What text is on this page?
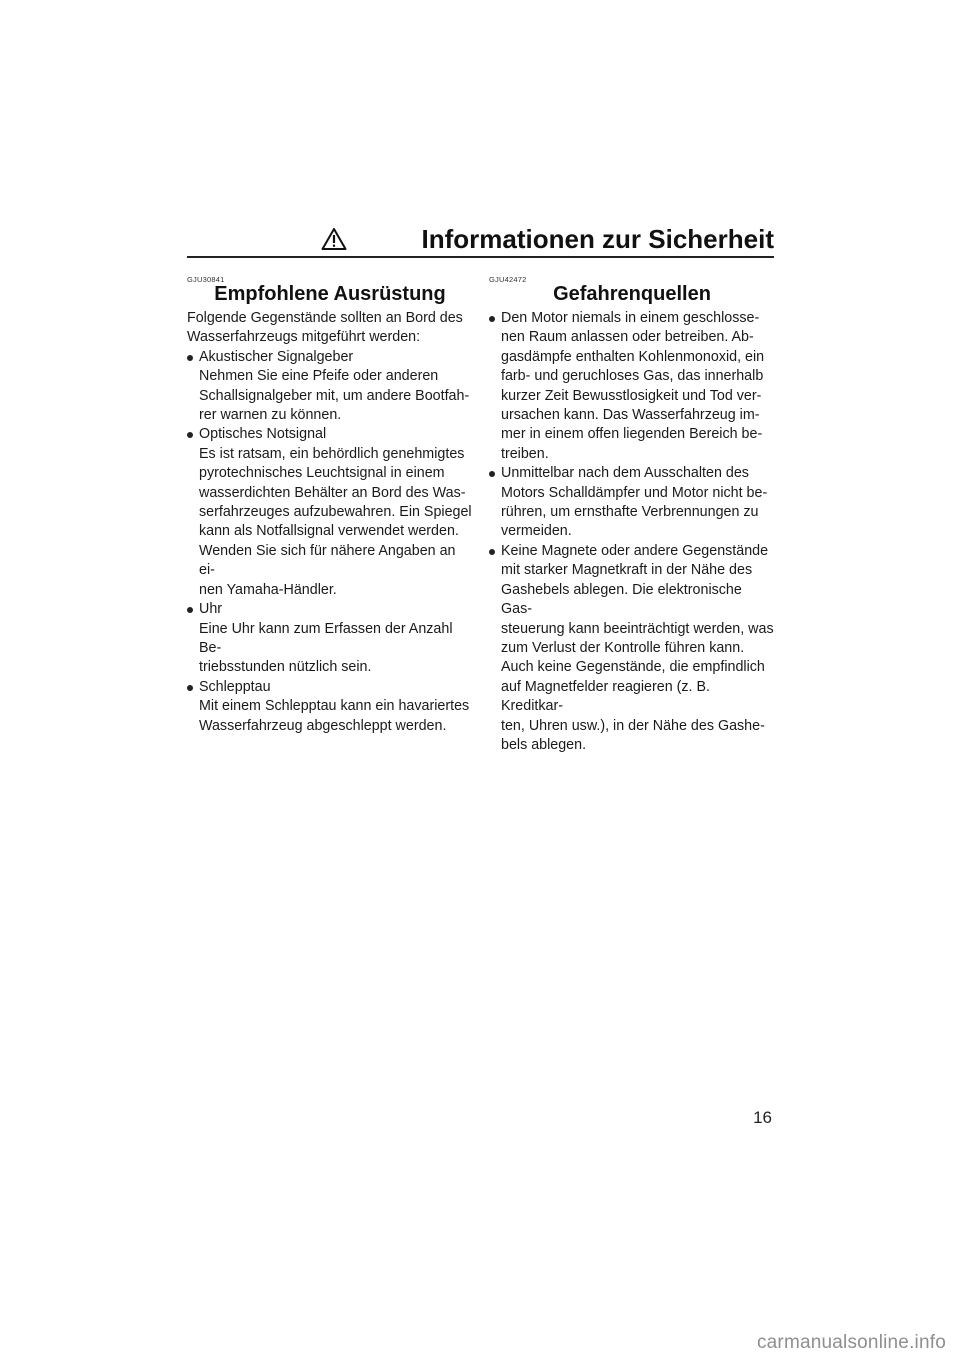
Informationen zur Sicherheit
GJU30841
Empfohlene Ausrüstung
Folgende Gegenstände sollten an Bord des
Wasserfahrzeugs mitgeführt werden:
Akustischer Signalgeber
Nehmen Sie eine Pfeife oder anderen
Schallsignalgeber mit, um andere Bootfah-
rer warnen zu können.
Optisches Notsignal
Es ist ratsam, ein behördlich genehmigtes
pyrotechnisches Leuchtsignal in einem
wasserdichten Behälter an Bord des Was-
serfahrzeuges aufzubewahren. Ein Spiegel
kann als Notfallsignal verwendet werden.
Wenden Sie sich für nähere Angaben an ei-
nen Yamaha-Händler.
Uhr
Eine Uhr kann zum Erfassen der Anzahl Be-
triebsstunden nützlich sein.
Schlepptau
Mit einem Schlepptau kann ein havariertes
Wasserfahrzeug abgeschleppt werden.
GJU42472
Gefahrenquellen
Den Motor niemals in einem geschlosse-
nen Raum anlassen oder betreiben. Ab-
gasdämpfe enthalten Kohlenmonoxid, ein
farb- und geruchloses Gas, das innerhalb
kurzer Zeit Bewusstlosigkeit und Tod ver-
ursachen kann. Das Wasserfahrzeug im-
mer in einem offen liegenden Bereich be-
treiben.
Unmittelbar nach dem Ausschalten des
Motors Schalldämpfer und Motor nicht be-
rühren, um ernsthafte Verbrennungen zu
vermeiden.
Keine Magnete oder andere Gegenstände
mit starker Magnetkraft in der Nähe des
Gashebels ablegen. Die elektronische Gas-
steuerung kann beeinträchtigt werden, was
zum Verlust der Kontrolle führen kann.
Auch keine Gegenstände, die empfindlich
auf Magnetfelder reagieren (z. B. Kreditkar-
ten, Uhren usw.), in der Nähe des Gashe-
bels ablegen.
16
carmanualsonline.info
